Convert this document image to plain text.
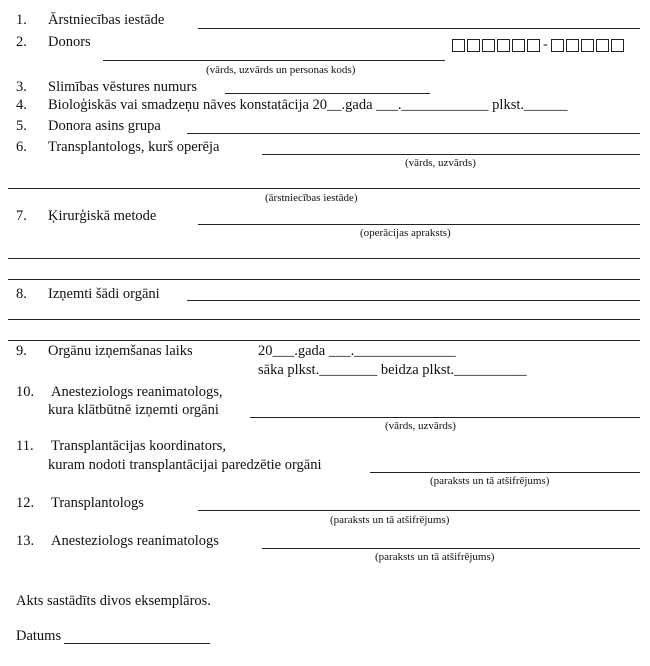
1. Ārstniecības iestāde
2. Donors	-
(vārds, uzvārds un personas kods)
3. Slimības vēstures numurs
4. Bioloģiskās vai smadzeņu nāves konstatācija 20__.gada ___.____________ plkst.______
5. Donora asins grupa
6. Transplantologs, kurš operēja
(vārds, uzvārds)
(ārstniecības iestāde)
7. Ķirurģiskā metode
(operācijas apraksts)
8. Izņemti šādi orgāni
9. Orgānu izņemšanas laiks	20___.gada ___.______________
sāka plkst.________ beidza plkst.__________
10. Anesteziologs reanimatologs,
kura klātbūtnē izņemti orgāni
(vārds, uzvārds)
11. Transplantācijas koordinators,
kuram nodoti transplantācijai paredzētie orgāni
(paraksts un tā atšifrējums)
12. Transplantologs
(paraksts un tā atšifrējums)
13. Anesteziologs reanimatologs
(paraksts un tā atšifrējums)
Akts sastādīts divos eksemplāros.
Datums
